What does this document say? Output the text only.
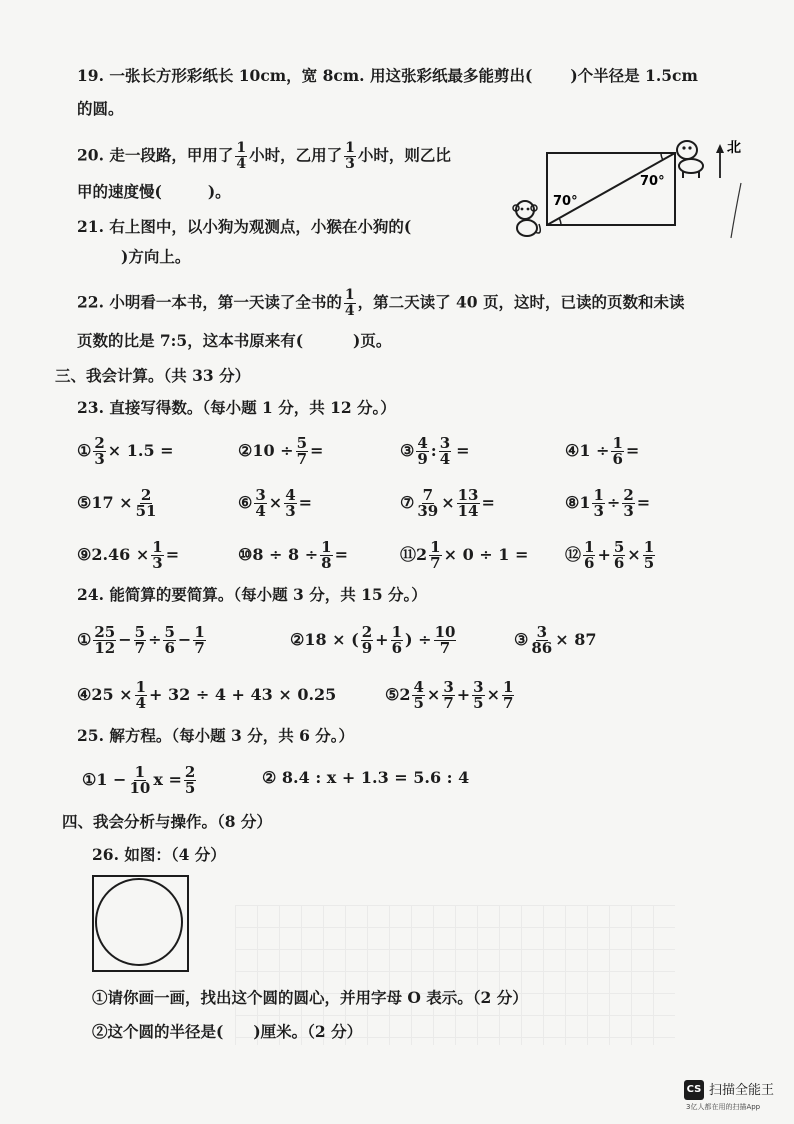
19. 一张长方形彩纸长 10cm，宽 8cm. 用这张彩纸最多能剪出( )个半径是 1.5cm
的圆。
20. 走一段路，甲用了 $\frac{1}{4}$ 小时，乙用了 $\frac{1}{3}$ 小时，则乙比
甲的速度慢(	)。
21. 右上图中，以小狗为观测点，小猴在小狗的(
)方向上。
70°
70°
北
22. 小明看一本书，第一天读了全书的 $\frac{1}{4}$ ，第二天读了 40 页，这时，已读的页数和未读
页数的比是 7:5，这本书原来有(	)页。
三、我会计算。（共 33 分）
23. 直接写得数。（每小题 1 分，共 12 分。）
① $\frac{2}{3} \times 1.5$ =	②10 ÷ $\frac{5}{7}$ =	③ $\frac{4}{9}$ : $\frac{3}{4}$ =	④1 ÷ $\frac{1}{6}$ =
⑤17 × $\frac{2}{51}$	⑥ $\frac{3}{4} \times \frac{4}{3}$ =	⑦ $\frac{7}{39} \times \frac{13}{14}$ =	⑧1 $\frac{1}{3} \div \frac{2}{3}$ =
⑨2.46 × $\frac{1}{3}$ =	⑩8 ÷ $8 \div \frac{1}{8}$ =	⑪2 $\frac{1}{7} \times 0 \div 1$ = ⑫ $\frac{1}{6} + \frac{5}{6} \times \frac{1}{5}$
24. 能简算的要简算。（每小题 3 分，共 15 分。）
① $\frac{25}{12} - \frac{5}{7} \div \frac{5}{6} - \frac{1}{7}$	②18 × ( $\frac{2}{9} + \frac{1}{6}$ ) ÷ $\frac{10}{7}$	③ $\frac{3}{86} \times 87$
④25 × $\frac{1}{4} + 32 \div 4 + 43 \times 0.25$	⑤2 $\frac{4}{5} \times \frac{3}{7} + \frac{3}{5} \times \frac{1}{7}$
25. 解方程。（每小题 3 分，共 6 分。）
①1 − $\frac{1}{10}$ $x = \frac{2}{5}$	② 8.4 : x + 1.3 = 5.6 : 4
四、我会分析与操作。（8 分）
26. 如图：（4 分）
①请你画一画，找出这个圆的圆心，并用字母 O 表示。（2 分）
②这个圆的半径是( )厘米。（2 分）
CS 扫描全能王
3亿人都在用的扫描App
